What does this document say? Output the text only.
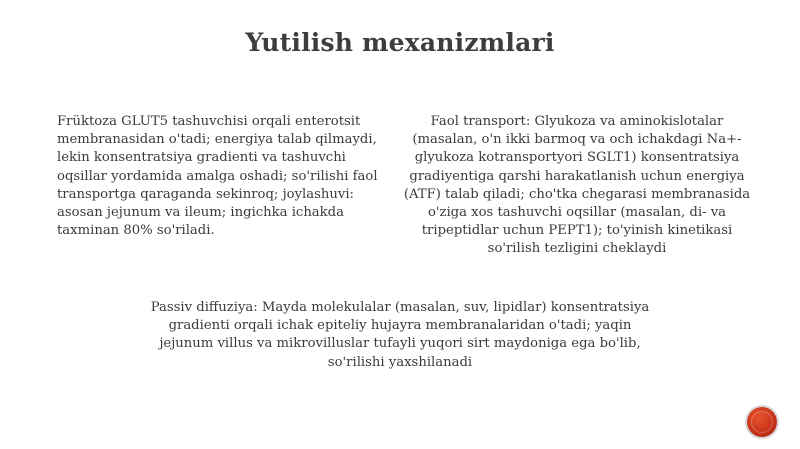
Yutilish mexanizmlari
Früktoza GLUT5 tashuvchisi orqali enterotsit membranasidan o'tadi; energiya talab qilmaydi, lekin konsentratsiya gradienti va tashuvchi oqsillar yordamida amalga oshadi; so'rilishi faol transportga qaraganda sekinroq; joylashuvi: asosan jejunum va ileum; ingichka ichakda taxminan 80% so'riladi.
Faol transport: Glyukoza va aminokislotalar (masalan, o'n ikki barmoq va och ichakdagi Na+-glyukoza kotransportyori SGLT1) konsentratsiya gradiyentiga qarshi harakatlanish uchun energiya (ATF) talab qiladi; cho'tka chegarasi membranasida o'ziga xos tashuvchi oqsillar (masalan, di- va tripeptidlar uchun PEPT1); to'yinish kinetikasi so'rilish tezligini cheklaydi
Passiv diffuziya: Mayda molekulalar (masalan, suv, lipidlar) konsentratsiya gradienti orqali ichak epiteliy hujayra membranalaridan o'tadi; yaqin jejunum villus va mikrovilluslar tufayli yuqori sirt maydoniga ega bo'lib, so'rilishi yaxshilanadi
